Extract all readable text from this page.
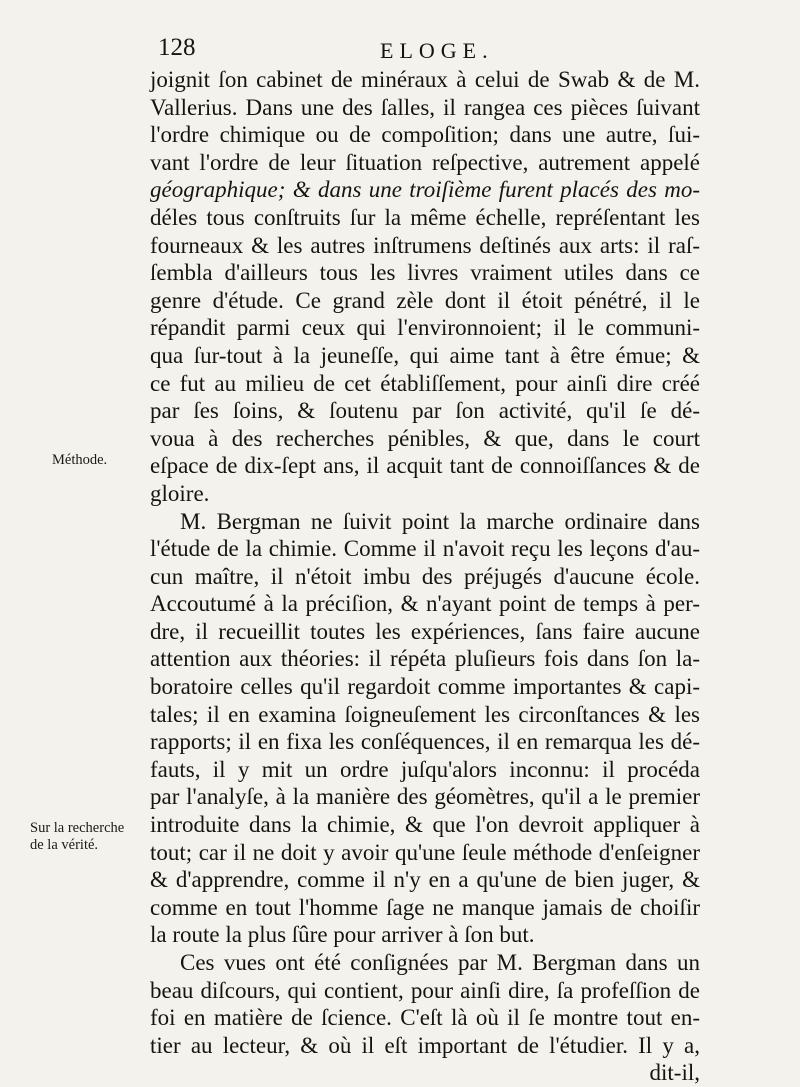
128	ELOGE.
Méthode.
Sur la recherche
de la vérité.
joignit ſon cabinet de minéraux à celui de Swab & de M.
Vallerius. Dans une des ſalles, il rangea ces pièces ſuivant
l'ordre chimique ou de compoſition; dans une autre, ſui-
vant l'ordre de leur ſituation reſpective, autrement appelé
géographique; & dans une troiſième furent placés des mo-
déles tous conſtruits ſur la même échelle, repréſentant les
fourneaux & les autres inſtrumens deſtinés aux arts: il raſ-
ſembla d'ailleurs tous les livres vraiment utiles dans ce
genre d'étude. Ce grand zèle dont il étoit pénétré, il le
répandit parmi ceux qui l'environnoient; il le communi-
qua ſur-tout à la jeuneſſe, qui aime tant à être émue; &
ce fut au milieu de cet établiſſement, pour ainſi dire créé
par ſes ſoins, & ſoutenu par ſon activité, qu'il ſe dé-
voua à des recherches pénibles, & que, dans le court
eſpace de dix-ſept ans, il acquit tant de connoiſſances & de
gloire.
M. Bergman ne ſuivit point la marche ordinaire dans
l'étude de la chimie. Comme il n'avoit reçu les leçons d'au-
cun maître, il n'étoit imbu des préjugés d'aucune école.
Accoutumé à la préciſion, & n'ayant point de temps à per-
dre, il recueillit toutes les expériences, ſans faire aucune
attention aux théories: il répéta pluſieurs fois dans ſon la-
boratoire celles qu'il regardoit comme importantes & capi-
tales; il en examina ſoigneuſement les circonſtances & les
rapports; il en fixa les conſéquences, il en remarqua les dé-
fauts, il y mit un ordre juſqu'alors inconnu: il procéda
par l'analyſe, à la manière des géomètres, qu'il a le premier
introduite dans la chimie, & que l'on devroit appliquer à
tout; car il ne doit y avoir qu'une ſeule méthode d'enſeigner
& d'apprendre, comme il n'y en a qu'une de bien juger, &
comme en tout l'homme ſage ne manque jamais de choiſir
la route la plus ſûre pour arriver à ſon but.
Ces vues ont été conſignées par M. Bergman dans un
beau diſcours, qui contient, pour ainſi dire, ſa profeſſion de
foi en matière de ſcience. C'eſt là où il ſe montre tout en-
tier au lecteur, & où il eſt important de l'étudier. Il y a,
dit-il,
